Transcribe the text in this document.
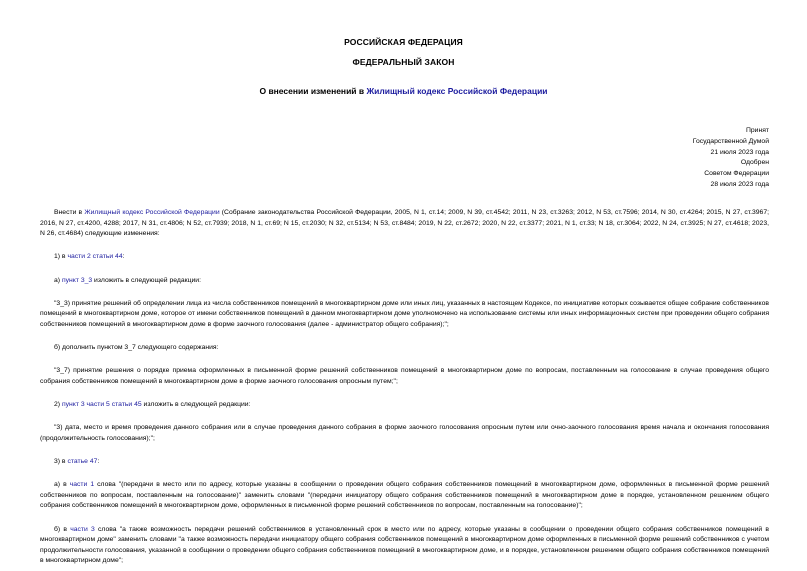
РОССИЙСКАЯ ФЕДЕРАЦИЯ
ФЕДЕРАЛЬНЫЙ ЗАКОН
О внесении изменений в Жилищный кодекс Российской Федерации
Принят
Государственной Думой
21 июля 2023 года
Одобрен
Советом Федерации
28 июля 2023 года

Внести в Жилищный кодекс Российской Федерации (Собрание законодательства Российской Федерации, 2005, N 1, ст.14; 2009, N 39, ст.4542; 2011, N 23, ст.3263; 2012, N 53, ст.7596; 2014, N 30, ст.4264; 2015, N 27, ст.3967; 2016, N 27, ст.4200, 4288; 2017, N 31, ст.4806; N 52, ст.7939; 2018, N 1, ст.69; N 15, ст.2030; N 32, ст.5134; N 53, ст.8484; 2019, N 22, ст.2672; 2020, N 22, ст.3377; 2021, N 1, ст.33; N 18, ст.3064; 2022, N 24, ст.3925; N 27, ст.4618; 2023, N 26, ст.4684) следующие изменения:

1) в части 2 статьи 44:

а) пункт 3_3 изложить в следующей редакции:

"3_3) принятие решений об определении лица из числа собственников помещений в многоквартирном доме или иных лиц, указанных в настоящем Кодексе, по инициативе которых созывается общее собрание собственников помещений в многоквартирном доме, которое от имени собственников помещений в данном многоквартирном доме уполномочено на использование системы или иных информационных систем при проведении общего собрания собственников помещений в многоквартирном доме в форме заочного голосования (далее - администратор общего собрания);";

б) дополнить пунктом 3_7 следующего содержания:

"3_7) принятие решения о порядке приема оформленных в письменной форме решений собственников помещений в многоквартирном доме по вопросам, поставленным на голосование в случае проведения общего собрания собственников помещений в многоквартирном доме в форме заочного голосования опросным путем;";

2) пункт 3 части 5 статьи 45 изложить в следующей редакции:

"3) дата, место и время проведения данного собрания или в случае проведения данного собрания в форме заочного голосования опросным путем или очно-заочного голосования время начала и окончания голосования (продолжительность голосования);";

3) в статье 47:

а) в части 1 слова "(передачи в место или по адресу, которые указаны в сообщении о проведении общего собрания собственников помещений в многоквартирном доме, оформленных в письменной форме решений собственников по вопросам, поставленным на голосование)" заменить словами "(передачи инициатору общего собрания собственников помещений в многоквартирном доме в порядке, установленном решением общего собрания собственников помещений в многоквартирном доме, оформленных в письменной форме решений собственников по вопросам, поставленным на голосование)";

б) в части 3 слова "а также возможность передачи решений собственников в установленный срок в место или по адресу, которые указаны в сообщении о проведении общего собрания собственников помещений в многоквартирном доме" заменить словами "а также возможность передачи инициатору общего собрания собственников помещений в многоквартирном доме оформленных в письменной форме решений собственников с учетом продолжительности голосования, указанной в сообщении о проведении общего собрания собственников помещений в многоквартирном доме, и в порядке, установленном решением общего собрания собственников помещений в многоквартирном доме";
